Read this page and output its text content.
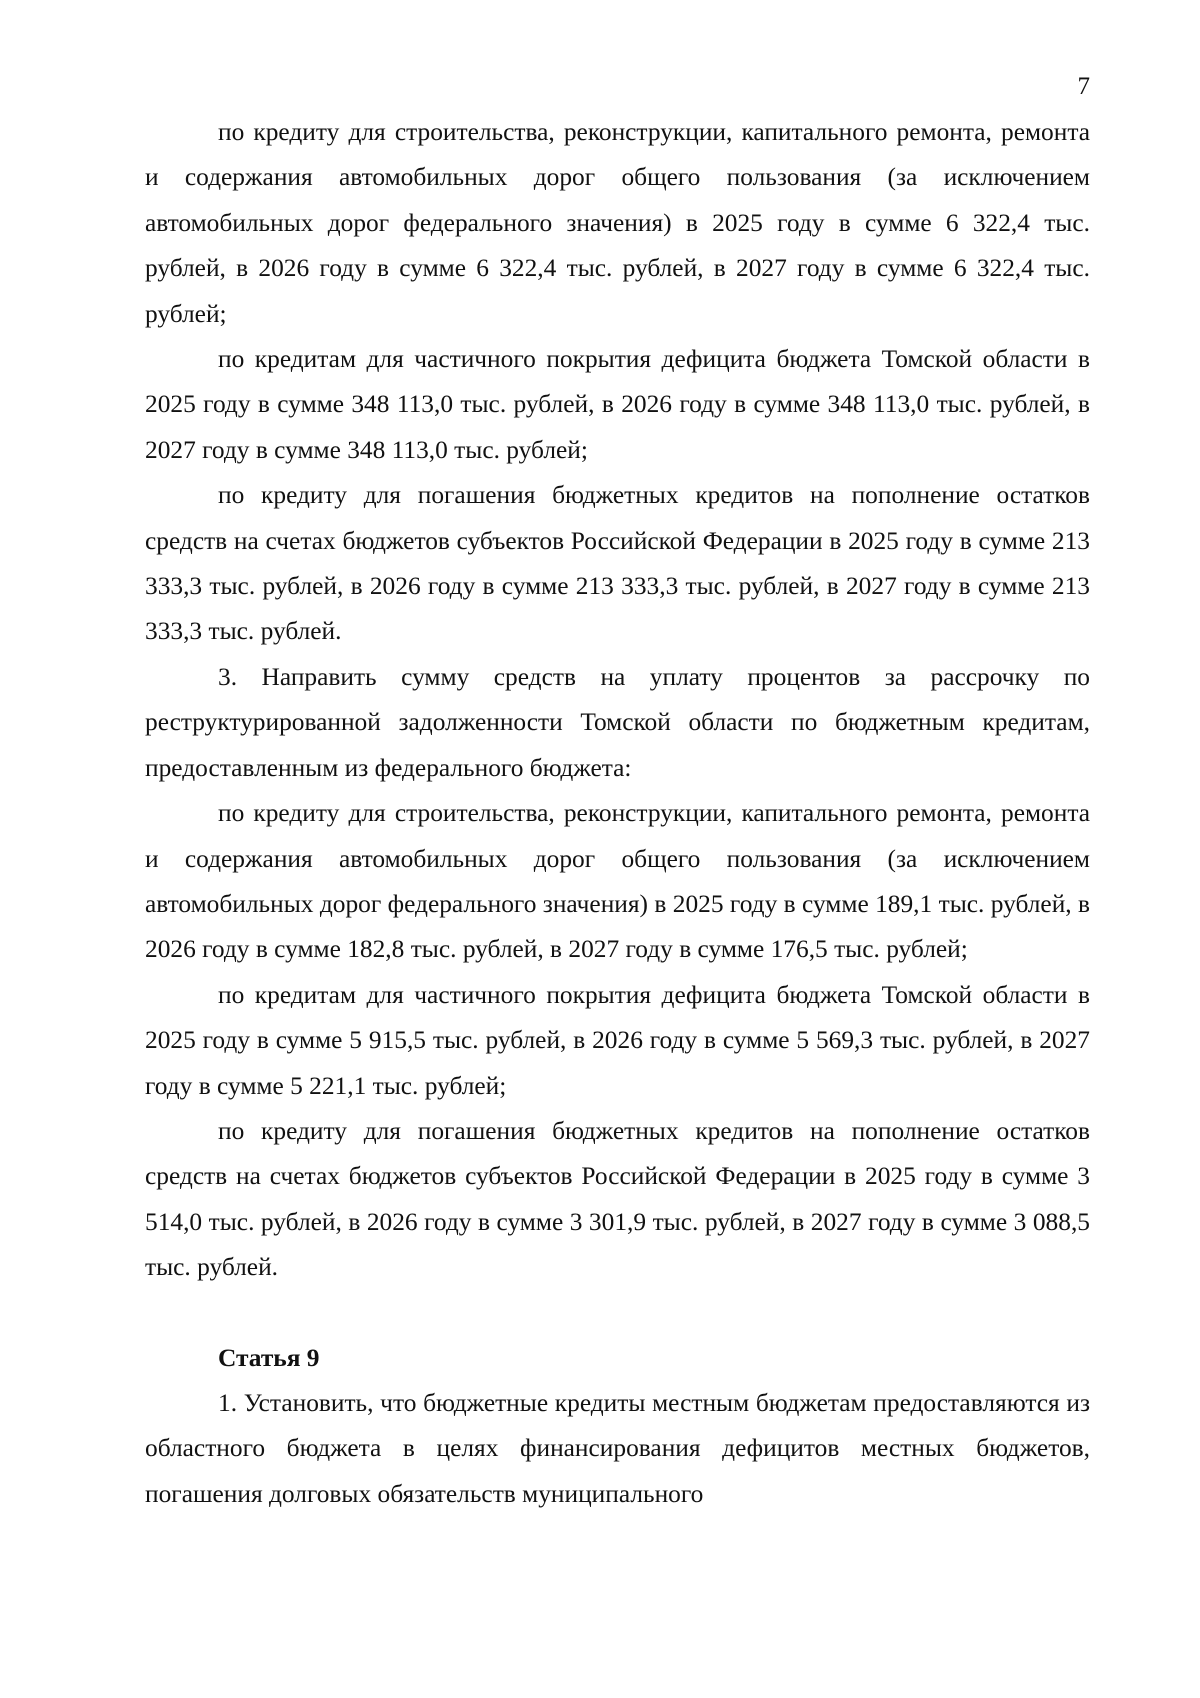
7

по кредиту для строительства, реконструкции, капитального ремонта, ремонта и содержания автомобильных дорог общего пользования (за исключением автомобильных дорог федерального значения) в 2025 году в сумме 6 322,4 тыс. рублей, в 2026 году в сумме 6 322,4 тыс. рублей, в 2027 году в сумме 6 322,4 тыс. рублей;

по кредитам для частичного покрытия дефицита бюджета Томской области в 2025 году в сумме 348 113,0 тыс. рублей, в 2026 году в сумме 348 113,0 тыс. рублей, в 2027 году в сумме 348 113,0 тыс. рублей;

по кредиту для погашения бюджетных кредитов на пополнение остатков средств на счетах бюджетов субъектов Российской Федерации в 2025 году в сумме 213 333,3 тыс. рублей, в 2026 году в сумме 213 333,3 тыс. рублей, в 2027 году в сумме 213 333,3 тыс. рублей.

3. Направить сумму средств на уплату процентов за рассрочку по реструктурированной задолженности Томской области по бюджетным кредитам, предоставленным из федерального бюджета:

по кредиту для строительства, реконструкции, капитального ремонта, ремонта и содержания автомобильных дорог общего пользования (за исключением автомобильных дорог федерального значения) в 2025 году в сумме 189,1 тыс. рублей, в 2026 году в сумме 182,8 тыс. рублей, в 2027 году в сумме 176,5 тыс. рублей;

по кредитам для частичного покрытия дефицита бюджета Томской области в 2025 году в сумме 5 915,5 тыс. рублей, в 2026 году в сумме 5 569,3 тыс. рублей, в 2027 году в сумме 5 221,1 тыс. рублей;

по кредиту для погашения бюджетных кредитов на пополнение остатков средств на счетах бюджетов субъектов Российской Федерации в 2025 году в сумме 3 514,0 тыс. рублей, в 2026 году в сумме 3 301,9 тыс. рублей, в 2027 году в сумме 3 088,5 тыс. рублей.

Статья 9

1. Установить, что бюджетные кредиты местным бюджетам предоставляются из областного бюджета в целях финансирования дефицитов местных бюджетов, погашения долговых обязательств муниципального
